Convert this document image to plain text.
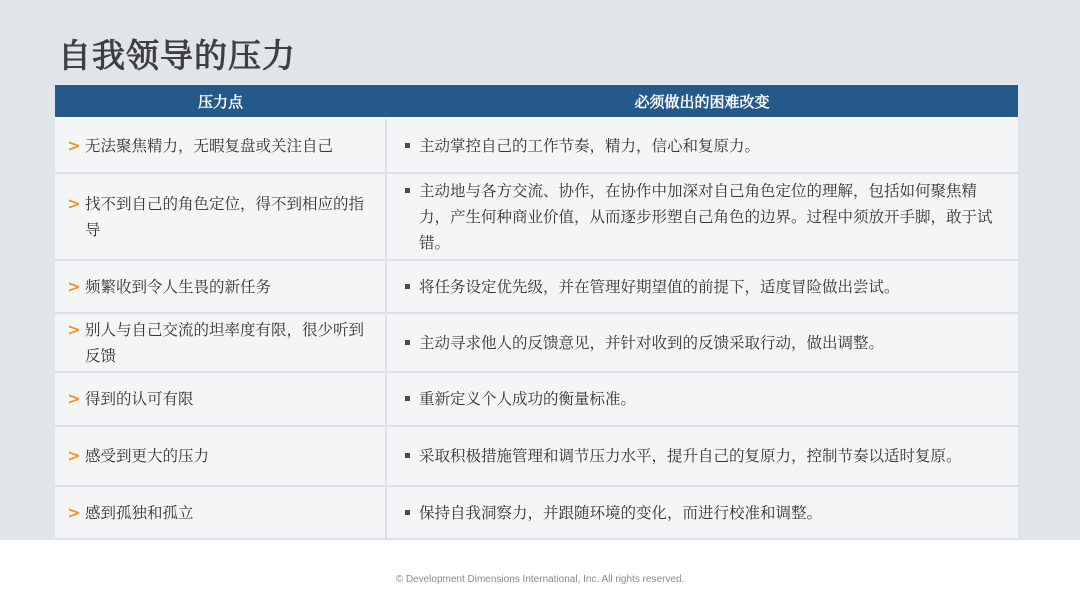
自我领导的压力
压力点	必须做出的困难改变

> 无法聚焦精力，无暇复盘或关注自己	主动掌控自己的工作节奏，精力，信心和复原力。

> 找不到自己的角色定位，得不到相应的指导	主动地与各方交流、协作，在协作中加深对自己角色定位的理解，包括如何聚焦精力，产生何种商业价值，从而逐步形塑自己角色的边界。过程中须放开手脚，敢于试错。

> 频繁收到令人生畏的新任务	将任务设定优先级，并在管理好期望值的前提下，适度冒险做出尝试。

> 别人与自己交流的坦率度有限，很少听到反馈	主动寻求他人的反馈意见，并针对收到的反馈采取行动，做出调整。

> 得到的认可有限	重新定义个人成功的衡量标准。

> 感受到更大的压力	采取积极措施管理和调节压力水平，提升自己的复原力，控制节奏以适时复原。

> 感到孤独和孤立	保持自我洞察力，并跟随环境的变化，而进行校准和调整。
© Development Dimensions International, Inc. All rights reserved.
